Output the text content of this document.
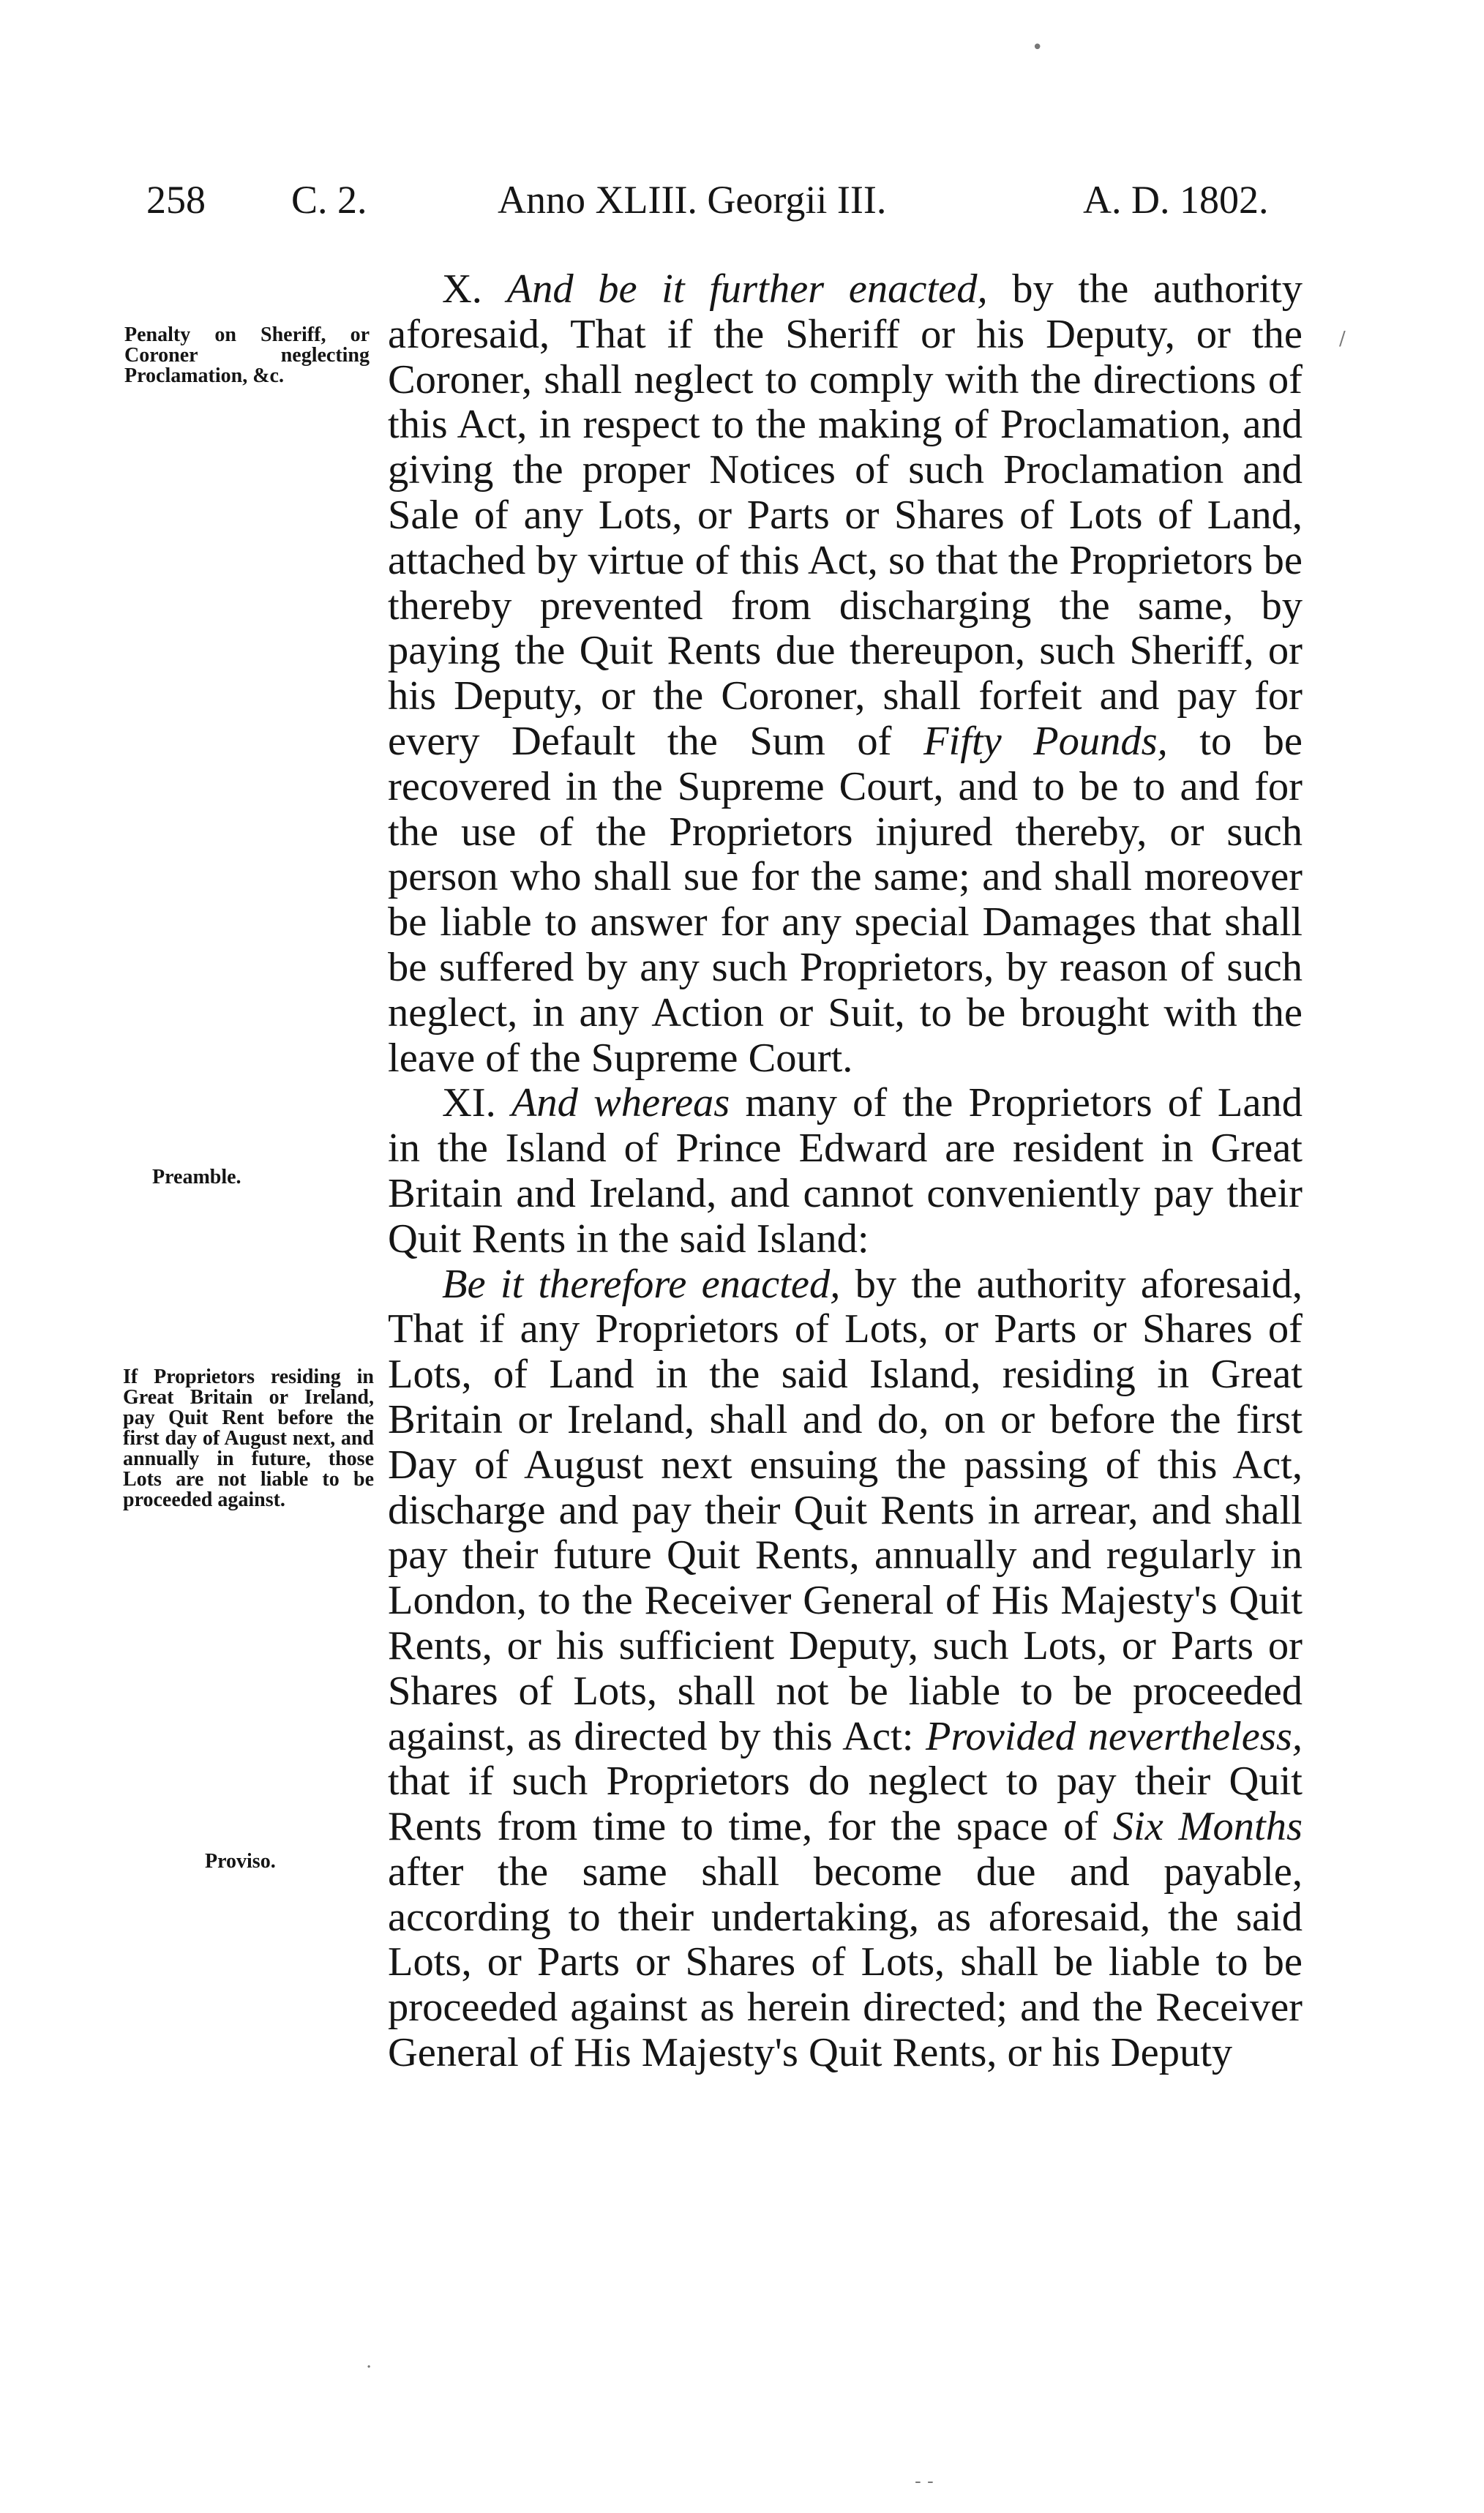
258 C. 2.	Anno XLIII. Georgii III.	A. D. 1802.
Penalty on Sheriff, or Coroner neglecting Proclamation, &c.
Preamble.
If Proprietors residing in Great Britain or Ireland, pay Quit Rent before the first day of August next, and annually in future, those Lots are not liable to be proceeded against.
Proviso.

X. And be it further enacted, by the authority aforesaid, That if the Sheriff or his Deputy, or the Coroner, shall neglect to comply with the directions of this Act, in respect to the making of Proclamation, and giving the proper Notices of such Proclamation and Sale of any Lots, or Parts or Shares of Lots of Land, attached by virtue of this Act, so that the Proprietors be thereby prevented from discharging the same, by paying the Quit Rents due thereupon, such Sheriff, or his Deputy, or the Coroner, shall forfeit and pay for every Default the Sum of Fifty Pounds, to be recovered in the Supreme Court, and to be to and for the use of the Proprietors injured thereby, or such person who shall sue for the same; and shall moreover be liable to answer for any special Damages that shall be suffered by any such Proprietors, by reason of such neglect, in any Action or Suit, to be brought with the leave of the Supreme Court.

XI. And whereas many of the Proprietors of Land in the Island of Prince Edward are resident in Great Britain and Ireland, and cannot conveniently pay their Quit Rents in the said Island:

Be it therefore enacted, by the authority aforesaid, That if any Proprietors of Lots, or Parts or Shares of Lots, of Land in the said Island, residing in Great Britain or Ireland, shall and do, on or before the first Day of August next ensuing the passing of this Act, discharge and pay their Quit Rents in arrear, and shall pay their future Quit Rents, annually and regularly in London, to the Receiver General of His Majesty's Quit Rents, or his sufficient Deputy, such Lots, or Parts or Shares of Lots, shall not be liable to be proceeded against, as directed by this Act: Provided nevertheless, that if such Proprietors do neglect to pay their Quit Rents from time to time, for the space of Six Months after the same shall become due and payable, according to their undertaking, as aforesaid, the said Lots, or Parts or Shares of Lots, shall be liable to be proceeded against as herein directed; and the Receiver General of His Majesty's Quit Rents, or his Deputy

•
/
·
- -
